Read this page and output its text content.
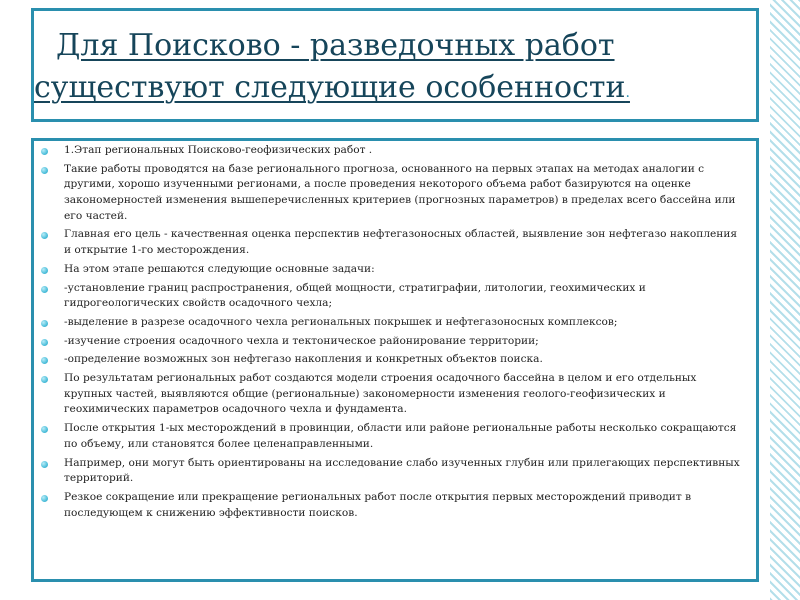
Для Поисково - разведочных работ
существуют следующие особенности.
1.Этап региональных Поисково-геофизических работ .
Такие работы проводятся на базе регионального прогноза, основанного на первых этапах на методах аналогии с другими, хорошо изученными регионами, а после проведения некоторого объема работ базируются на оценке закономерностей изменения вышеперечисленных критериев (прогнозных параметров) в пределах всего бассейна или его частей.
Главная его цель - качественная оценка перспектив нефтегазоносных областей, выявление зон нефтегазо накопления и открытие 1-го месторождения.
На этом этапе решаются следующие основные задачи:
-установление границ распространения, общей мощности, стратиграфии, литологии, геохимических и гидрогеологических свойств осадочного чехла;
-выделение в разрезе осадочного чехла региональных покрышек и нефтегазоносных комплексов;
-изучение строения осадочного чехла и тектоническое районирование территории;
-определение возможных зон нефтегазо накопления и конкретных объектов поиска.
По результатам региональных работ создаются модели строения осадочного бассейна в целом и его отдельных крупных частей, выявляются общие (региональные) закономерности изменения геолого-геофизических и геохимических параметров осадочного чехла и фундамента.
После открытия 1-ых месторождений в провинции, области или районе региональные работы несколько сокращаются по объему, или становятся более целенаправленными.
Например, они могут быть ориентированы на исследование слабо изученных глубин или прилегающих перспективных территорий.
Резкое сокращение или прекращение региональных работ после открытия первых месторождений приводит в последующем к снижению эффективности поисков.
